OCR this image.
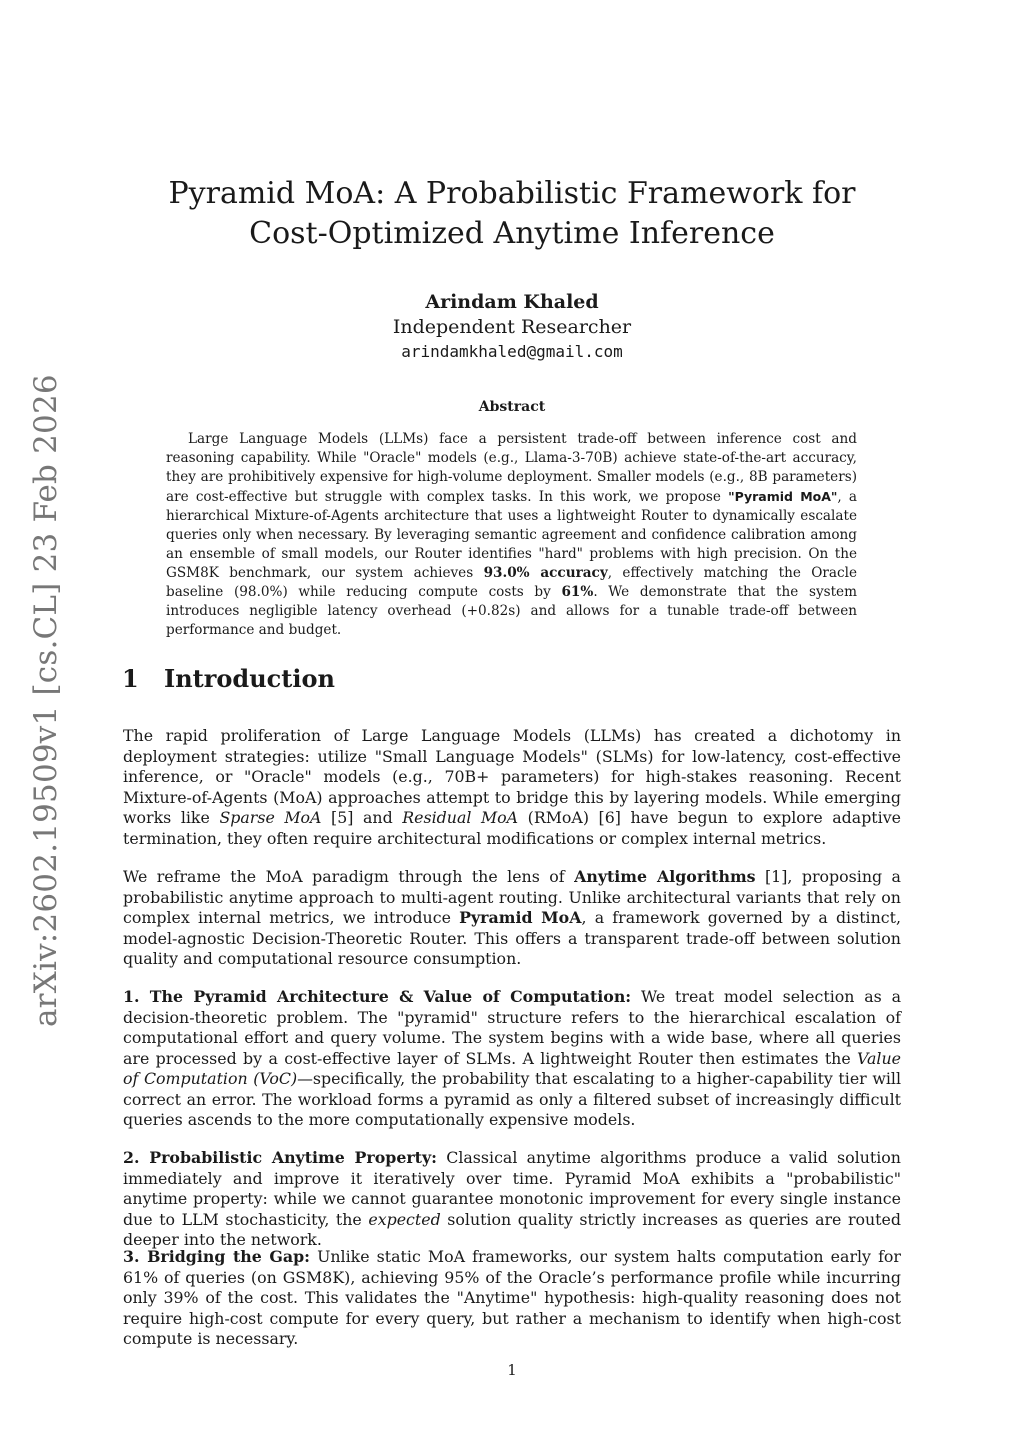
arXiv:2602.19509v1 [cs.CL] 23 Feb 2026
Pyramid MoA: A Probabilistic Framework for
Cost-Optimized Anytime Inference
Arindam Khaled
Independent Researcher
arindamkhaled@gmail.com
Abstract

Large Language Models (LLMs) face a persistent trade-off between inference cost and reasoning capability. While "Oracle" models (e.g., Llama-3-70B) achieve state-of-the-art accuracy, they are prohibitively expensive for high-volume deployment. Smaller models (e.g., 8B parameters) are cost-effective but struggle with complex tasks. In this work, we propose "Pyramid MoA", a hierarchical Mixture-of-Agents architecture that uses a lightweight Router to dynamically escalate queries only when necessary. By leveraging semantic agreement and confidence calibration among an ensemble of small models, our Router identifies "hard" problems with high precision. On the GSM8K benchmark, our system achieves 93.0% accuracy, effectively matching the Oracle baseline (98.0%) while reducing compute costs by 61%. We demonstrate that the system introduces negligible latency overhead (+0.82s) and allows for a tunable trade-off between performance and budget.

1 Introduction

The rapid proliferation of Large Language Models (LLMs) has created a dichotomy in deployment strategies: utilize "Small Language Models" (SLMs) for low-latency, cost-effective inference, or "Oracle" models (e.g., 70B+ parameters) for high-stakes reasoning. Recent Mixture-of-Agents (MoA) approaches attempt to bridge this by layering models. While emerging works like Sparse MoA [5] and Residual MoA (RMoA) [6] have begun to explore adaptive termination, they often require architectural modifications or complex internal metrics.

We reframe the MoA paradigm through the lens of Anytime Algorithms [1], proposing a probabilistic anytime approach to multi-agent routing. Unlike architectural variants that rely on complex internal metrics, we introduce Pyramid MoA, a framework governed by a distinct, model-agnostic Decision-Theoretic Router. This offers a transparent trade-off between solution quality and computational resource consumption.

1. The Pyramid Architecture & Value of Computation: We treat model selection as a decision-theoretic problem. The "pyramid" structure refers to the hierarchical escalation of computational effort and query volume. The system begins with a wide base, where all queries are processed by a cost-effective layer of SLMs. A lightweight Router then estimates the Value of Computation (VoC)—specifically, the probability that escalating to a higher-capability tier will correct an error. The workload forms a pyramid as only a filtered subset of increasingly difficult queries ascends to the more computationally expensive models.

2. Probabilistic Anytime Property: Classical anytime algorithms produce a valid solution immediately and improve it iteratively over time. Pyramid MoA exhibits a "probabilistic" anytime property: while we cannot guarantee monotonic improvement for every single instance due to LLM stochasticity, the expected solution quality strictly increases as queries are routed deeper into the network.

3. Bridging the Gap: Unlike static MoA frameworks, our system halts computation early for 61% of queries (on GSM8K), achieving 95% of the Oracle’s performance profile while incurring only 39% of the cost. This validates the "Anytime" hypothesis: high-quality reasoning does not require high-cost compute for every query, but rather a mechanism to identify when high-cost compute is necessary.

1
